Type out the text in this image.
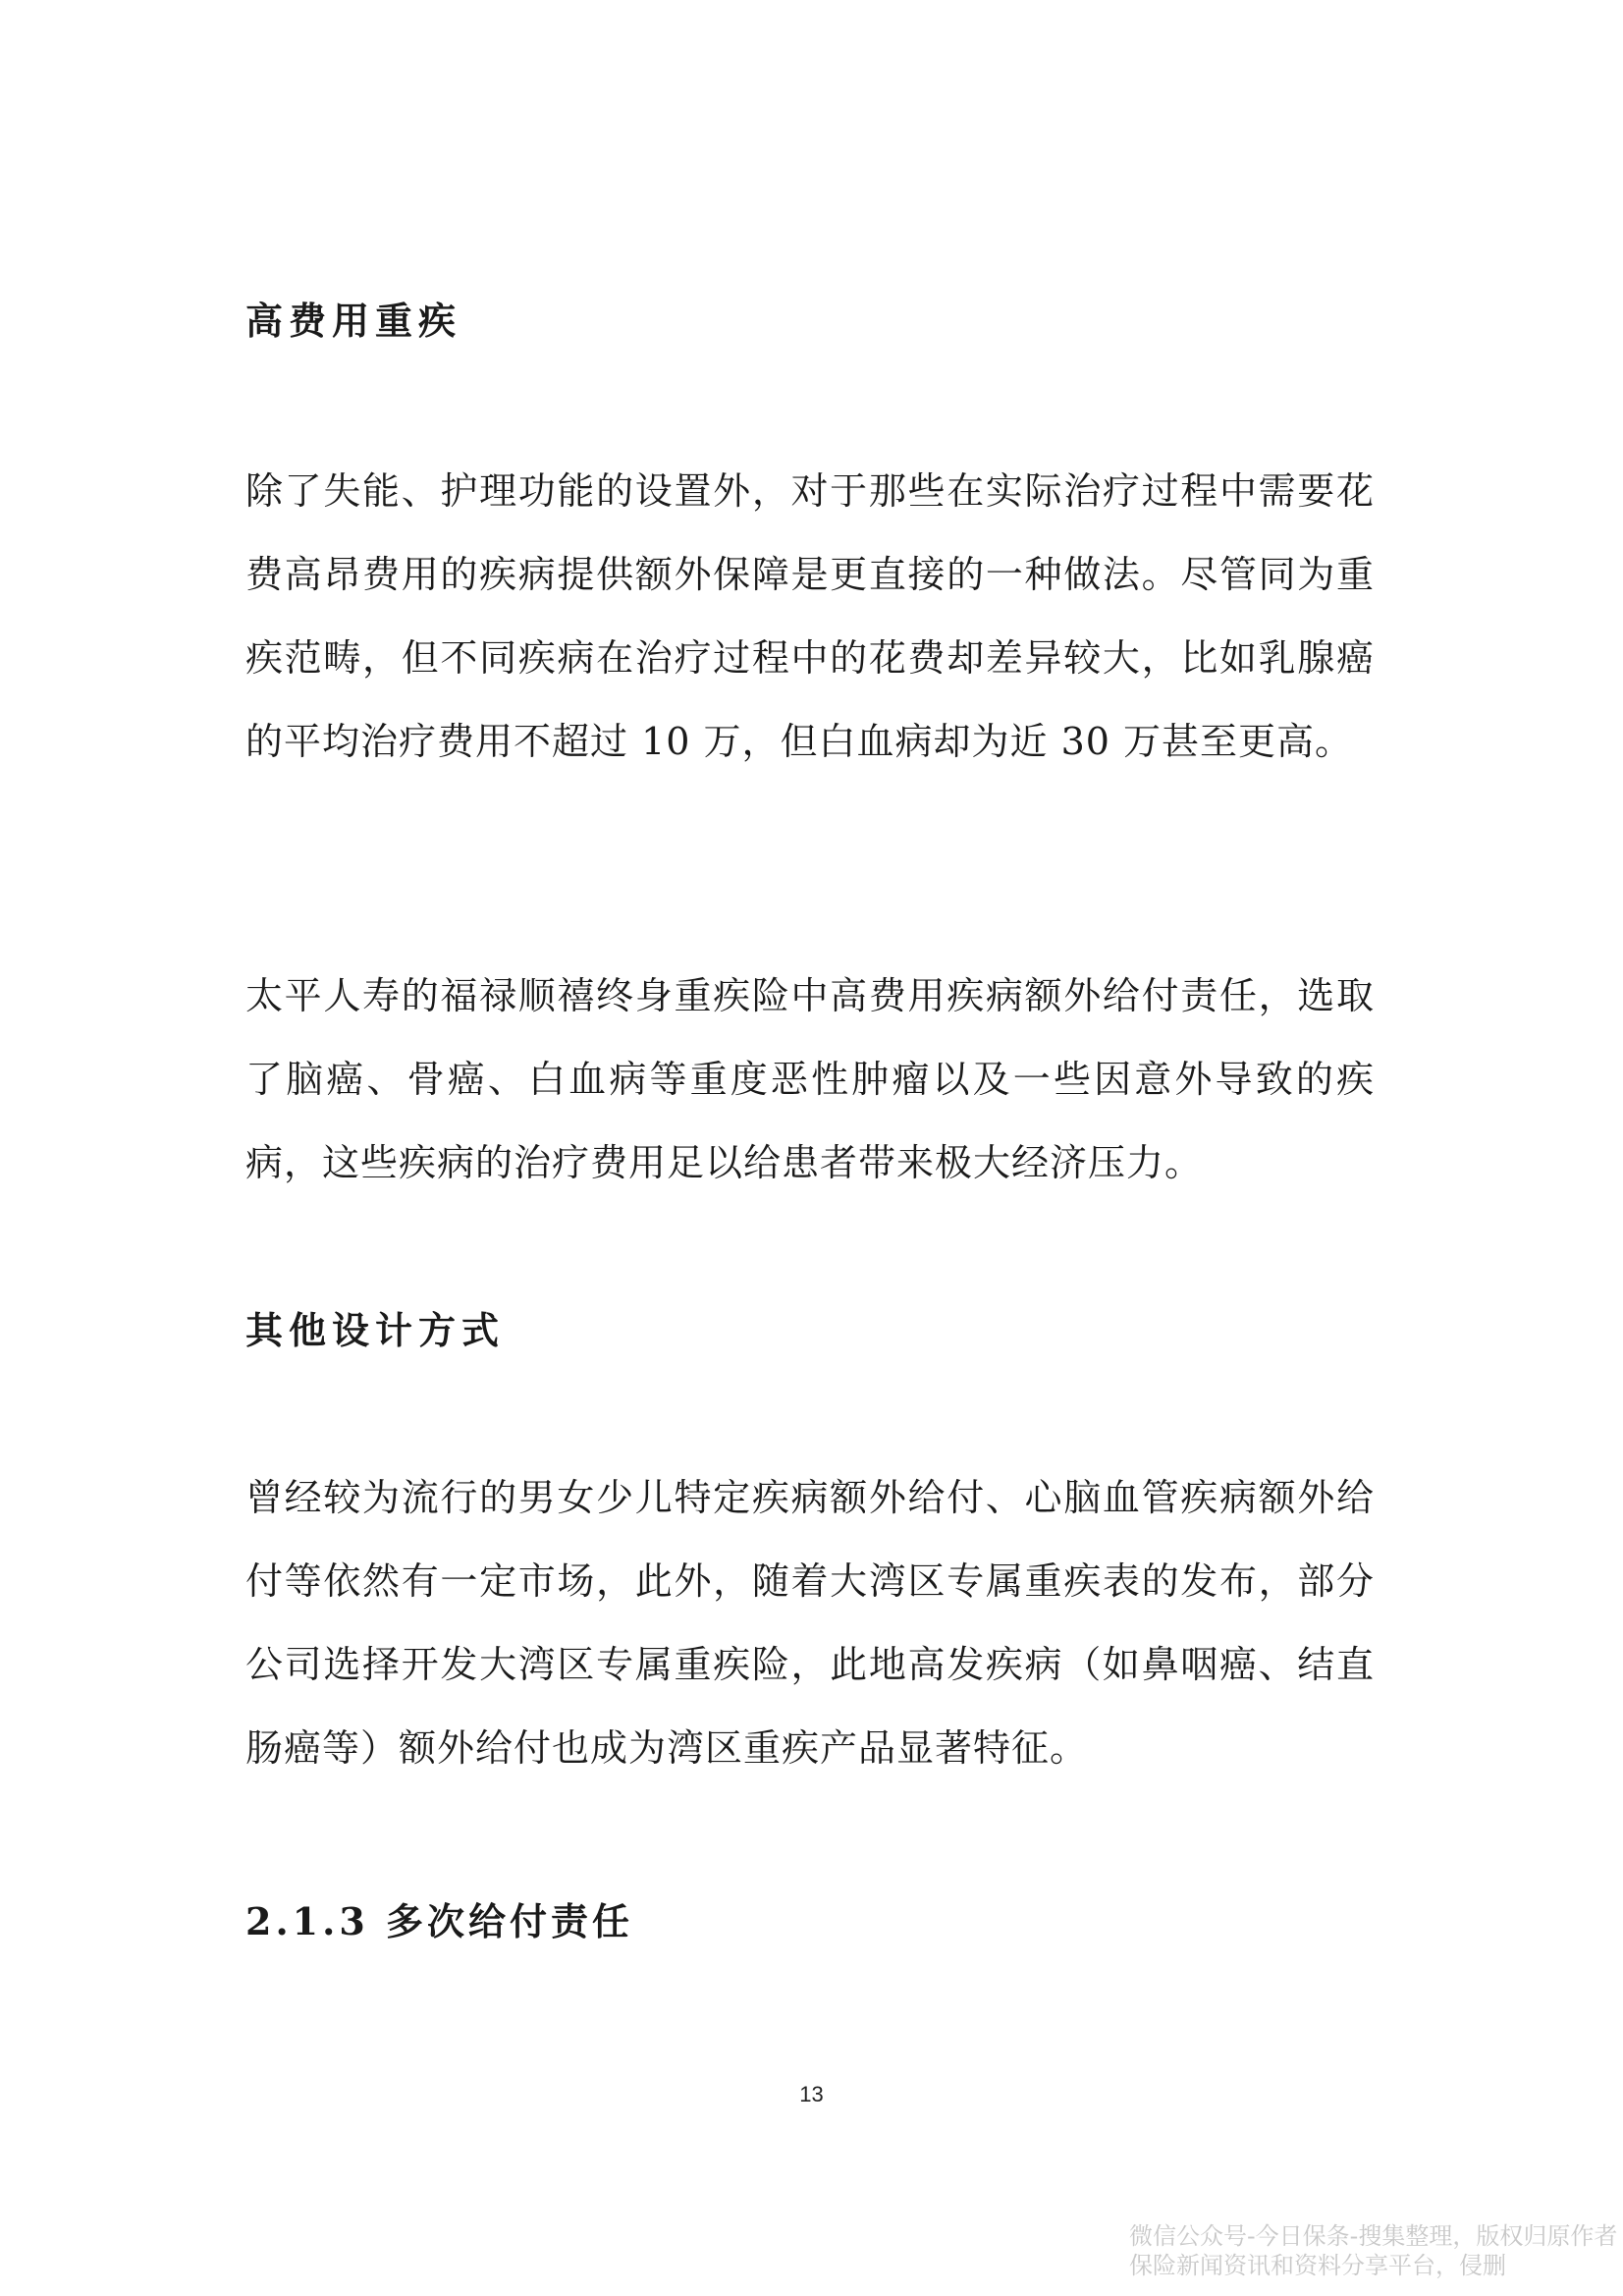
高费用重疾

除了失能、护理功能的设置外，对于那些在实际治疗过程中需要花费高昂费用的疾病提供额外保障是更直接的一种做法。尽管同为重疾范畴，但不同疾病在治疗过程中的花费却差异较大，比如乳腺癌的平均治疗费用不超过 10 万，但白血病却为近 30 万甚至更高。

太平人寿的福禄顺禧终身重疾险中高费用疾病额外给付责任，选取了脑癌、骨癌、白血病等重度恶性肿瘤以及一些因意外导致的疾病，这些疾病的治疗费用足以给患者带来极大经济压力。

其他设计方式

曾经较为流行的男女少儿特定疾病额外给付、心脑血管疾病额外给付等依然有一定市场，此外，随着大湾区专属重疾表的发布，部分公司选择开发大湾区专属重疾险，此地高发疾病（如鼻咽癌、结直肠癌等）额外给付也成为湾区重疾产品显著特征。

2.1.3 多次给付责任
13
微信公众号-今日保条-搜集整理，版权归原作者
保险新闻资讯和资料分享平台，侵删
